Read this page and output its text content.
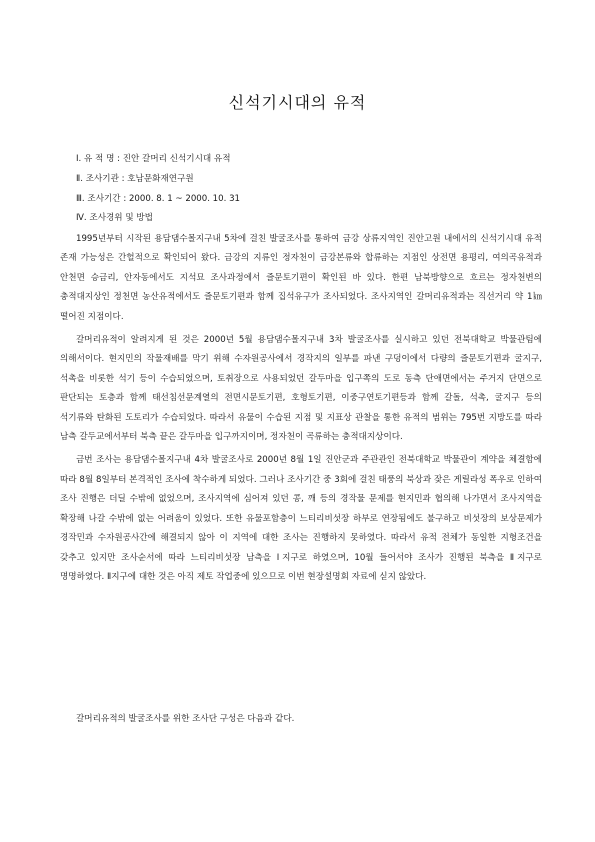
신석기시대의 유적
Ⅰ. 유 적 명 : 진안 갈머리 신석기시대 유적
Ⅱ. 조사기관 : 호남문화재연구원
Ⅲ. 조사기간 : 2000. 8. 1 ~ 2000. 10. 31
Ⅳ. 조사경위 및 방법

1995년부터 시작된 용담댐수몰지구내 5차에 걸친 발굴조사를 통하여 금강 상류지역인 진안고원 내에서의 신석기시대 유적 존재 가능성은 간헐적으로 확인되어 왔다. 금강의 지류인 정자천이 금강본류와 합류하는 지점인 상전면 용평리, 여의곡유적과 안천면 승금리, 안자동에서도 지석묘 조사과정에서 즐문토기편이 확인된 바 있다. 한편 남북방향으로 흐르는 정자천변의 충적대지상인 정천면 농산유적에서도 즐문토기편과 함께 집석유구가 조사되었다. 조사지역인 갈머리유적과는 직선거리 약 1㎞ 떨어진 지점이다.

갈머리유적이 알려지게 된 것은 2000년 5월 용담댐수몰지구내 3차 발굴조사를 실시하고 있던 전북대학교 박물관팀에 의해서이다. 현지민의 작물재배를 막기 위해 수자원공사에서 경작지의 일부를 파낸 구덩이에서 다량의 즐문토기편과 굴지구, 석촉을 비롯한 석기 등이 수습되었으며, 토취장으로 사용되었던 갈두마을 입구쪽의 도로 동측 단애면에서는 주거지 단면으로 판단되는 토층과 함께 태선침선문계열의 전면시문토기편, 호형토기편, 이중구연토기편등과 함께 갈돌, 석촉, 굴지구 등의 석기류와 탄화된 도토리가 수습되었다. 따라서 유물이 수습된 지점 및 지표상 관찰을 통한 유적의 범위는 795번 지방도를 따라 남측 갈두교에서부터 북측 끝은 갈두마을 입구까지이며, 정자천이 곡류하는 충적대지상이다.

금번 조사는 용담댐수몰지구내 4차 발굴조사로 2000년 8월 1일 진안군과 주관관인 전북대학교 박물관이 계약을 체결함에 따라 8월 8일부터 본격적인 조사에 착수하게 되었다. 그러나 조사기간 중 3회에 걸친 태풍의 북상과 잦은 게릴라성 폭우로 인하여 조사 진행은 더딜 수밖에 없었으며, 조사지역에 심어져 있던 콩, 깨 등의 경작물 문제를 현지민과 협의해 나가면서 조사지역을 확장해 나갈 수밖에 없는 어려움이 있었다. 또한 유물포함층이 느티리비섯장 하부로 연장됨에도 불구하고 비섯장의 보상문제가 경작민과 수자원공사간에 해결되지 않아 이 지역에 대한 조사는 진행하지 못하였다. 따라서 유적 전체가 동일한 지형조건을 갖추고 있지만 조사순서에 따라 느티리비섯장 남측을 Ⅰ지구로 하였으며, 10월 들어서야 조사가 진행된 북측을 Ⅱ지구로 명명하였다. Ⅱ지구에 대한 것은 아직 제토 작업중에 있으므로 이번 현장설명회 자료에 싣지 않았다.

갈머리유적의 발굴조사를 위한 조사단 구성은 다음과 같다.
